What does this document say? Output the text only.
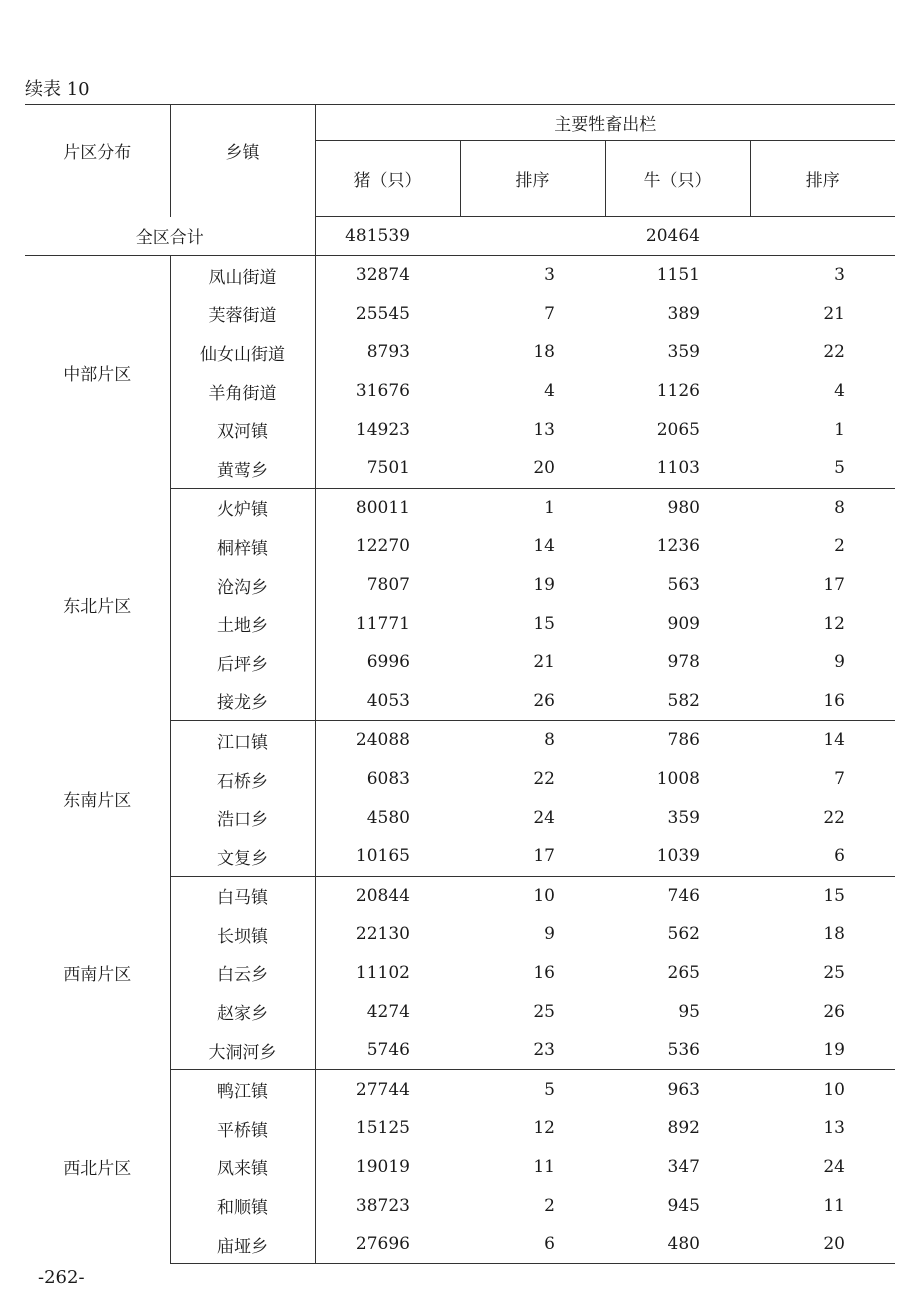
续表 10
片区分布	乡镇	主要牲畜出栏			
		猪（只）	排序	牛（只）	排序
全区合计		481539		20464	
中部片区	凤山街道	32874	3	1151	3
	芙蓉街道	25545	7	389	21
	仙女山街道	8793	18	359	22
	羊角街道	31676	4	1126	4
	双河镇	14923	13	2065	1
	黄莺乡	7501	20	1103	5
东北片区	火炉镇	80011	1	980	8
	桐梓镇	12270	14	1236	2
	沧沟乡	7807	19	563	17
	土地乡	11771	15	909	12
	后坪乡	6996	21	978	9
	接龙乡	4053	26	582	16
东南片区	江口镇	24088	8	786	14
	石桥乡	6083	22	1008	7
	浩口乡	4580	24	359	22
	文复乡	10165	17	1039	6
西南片区	白马镇	20844	10	746	15
	长坝镇	22130	9	562	18
	白云乡	11102	16	265	25
	赵家乡	4274	25	95	26
	大洞河乡	5746	23	536	19
西北片区	鸭江镇	27744	5	963	10
	平桥镇	15125	12	892	13
	凤来镇	19019	11	347	24
	和顺镇	38723	2	945	11
	庙垭乡	27696	6	480	20
-262-
